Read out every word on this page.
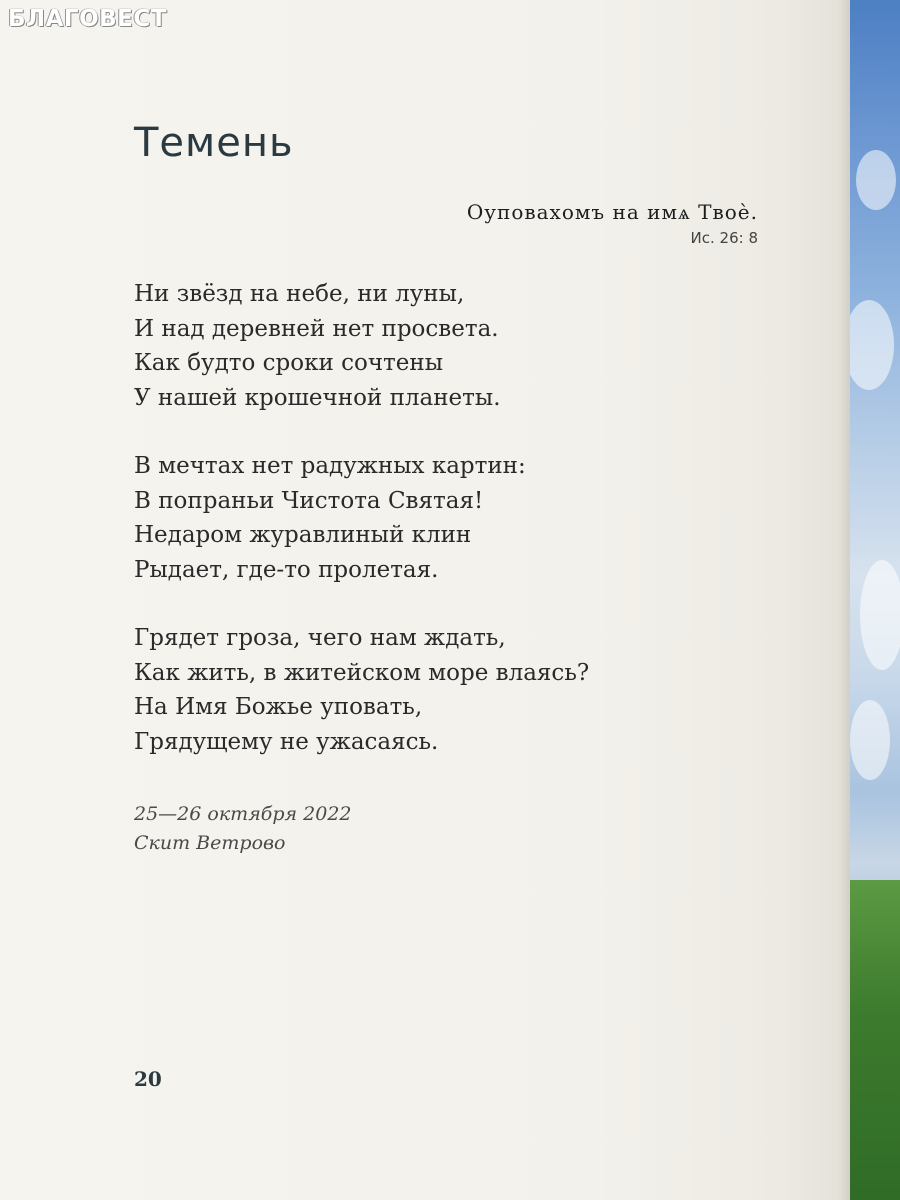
БЛАГОВЕСТ
Темень
Оуповахомъ на имѧ Твоѐ.
Ис. 26: 8
Ни звёзд на небе, ни луны,
И над деревней нет просвета.
Как будто сроки сочтены
У нашей крошечной планеты.
В мечтах нет радужных картин:
В попраньи Чистота Святая!
Недаром журавлиный клин
Рыдает, где-то пролетая.
Грядет гроза, чего нам ждать,
Как жить, в житейском море влаясь?
На Имя Божье уповать,
Грядущему не ужасаясь.
25—26 октября 2022
Скит Ветрово
20
